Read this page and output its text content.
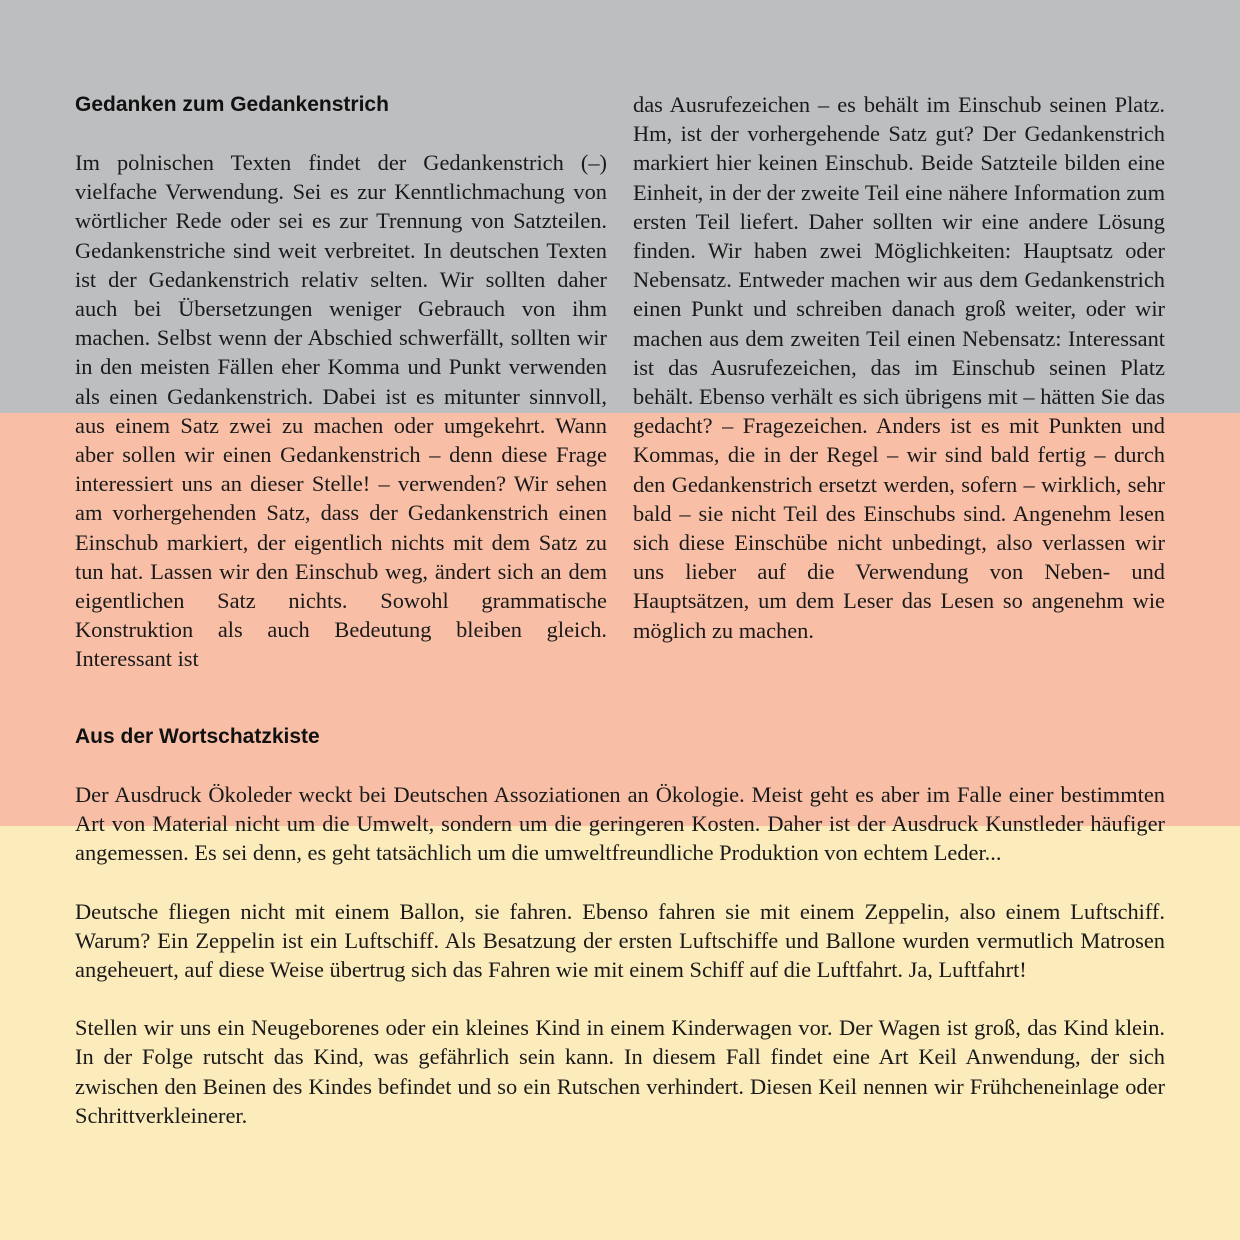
Gedanken zum Gedankenstrich

Im polnischen Texten findet der Gedankenstrich (–) vielfache Verwendung. Sei es zur Kenntlichmachung von wörtlicher Rede oder sei es zur Trennung von Satzteilen. Gedankenstriche sind weit verbreitet. In deutschen Texten ist der Gedankenstrich relativ selten. Wir sollten daher auch bei Übersetzungen weniger Gebrauch von ihm machen. Selbst wenn der Abschied schwerfällt, sollten wir in den meisten Fällen eher Komma und Punkt verwenden als einen Gedankenstrich. Dabei ist es mitunter sinnvoll, aus einem Satz zwei zu machen oder umgekehrt. Wann aber sollen wir einen Gedankenstrich – denn diese Frage interessiert uns an dieser Stelle! – verwenden? Wir sehen am vorhergehenden Satz, dass der Gedankenstrich einen Einschub markiert, der eigentlich nichts mit dem Satz zu tun hat. Lassen wir den Einschub weg, ändert sich an dem eigentlichen Satz nichts. Sowohl grammatische Konstruktion als auch Bedeutung bleiben gleich. Interessant ist

das Ausrufezeichen – es behält im Einschub seinen Platz. Hm, ist der vorhergehende Satz gut? Der Gedankenstrich markiert hier keinen Einschub. Beide Satzteile bilden eine Einheit, in der der zweite Teil eine nähere Information zum ersten Teil liefert. Daher sollten wir eine andere Lösung finden. Wir haben zwei Möglichkeiten: Hauptsatz oder Nebensatz. Entweder machen wir aus dem Gedankenstrich einen Punkt und schreiben danach groß weiter, oder wir machen aus dem zweiten Teil einen Nebensatz: Interessant ist das Ausrufezeichen, das im Einschub seinen Platz behält. Ebenso verhält es sich übrigens mit – hätten Sie das gedacht? – Fragezeichen. Anders ist es mit Punkten und Kommas, die in der Regel – wir sind bald fertig – durch den Gedankenstrich ersetzt werden, sofern – wirklich, sehr bald – sie nicht Teil des Einschubs sind. Angenehm lesen sich diese Einschübe nicht unbedingt, also verlassen wir uns lieber auf die Verwendung von Neben- und Hauptsätzen, um dem Leser das Lesen so angenehm wie möglich zu machen.

Aus der Wortschatzkiste

Der Ausdruck Ökoleder weckt bei Deutschen Assoziationen an Ökologie. Meist geht es aber im Falle einer bestimmten Art von Material nicht um die Umwelt, sondern um die geringeren Kosten. Daher ist der Ausdruck Kunstleder häufiger angemessen. Es sei denn, es geht tatsächlich um die umweltfreundliche Produktion von echtem Leder...

Deutsche fliegen nicht mit einem Ballon, sie fahren. Ebenso fahren sie mit einem Zeppelin, also einem Luftschiff. Warum? Ein Zeppelin ist ein Luftschiff. Als Besatzung der ersten Luftschiffe und Ballone wurden vermutlich Matrosen angeheuert, auf diese Weise übertrug sich das Fahren wie mit einem Schiff auf die Luftfahrt. Ja, Luftfahrt!

Stellen wir uns ein Neugeborenes oder ein kleines Kind in einem Kinderwagen vor. Der Wagen ist groß, das Kind klein. In der Folge rutscht das Kind, was gefährlich sein kann. In diesem Fall findet eine Art Keil Anwendung, der sich zwischen den Beinen des Kindes befindet und so ein Rutschen verhindert. Diesen Keil nennen wir Frühcheneinlage oder Schrittverkleinerer.
